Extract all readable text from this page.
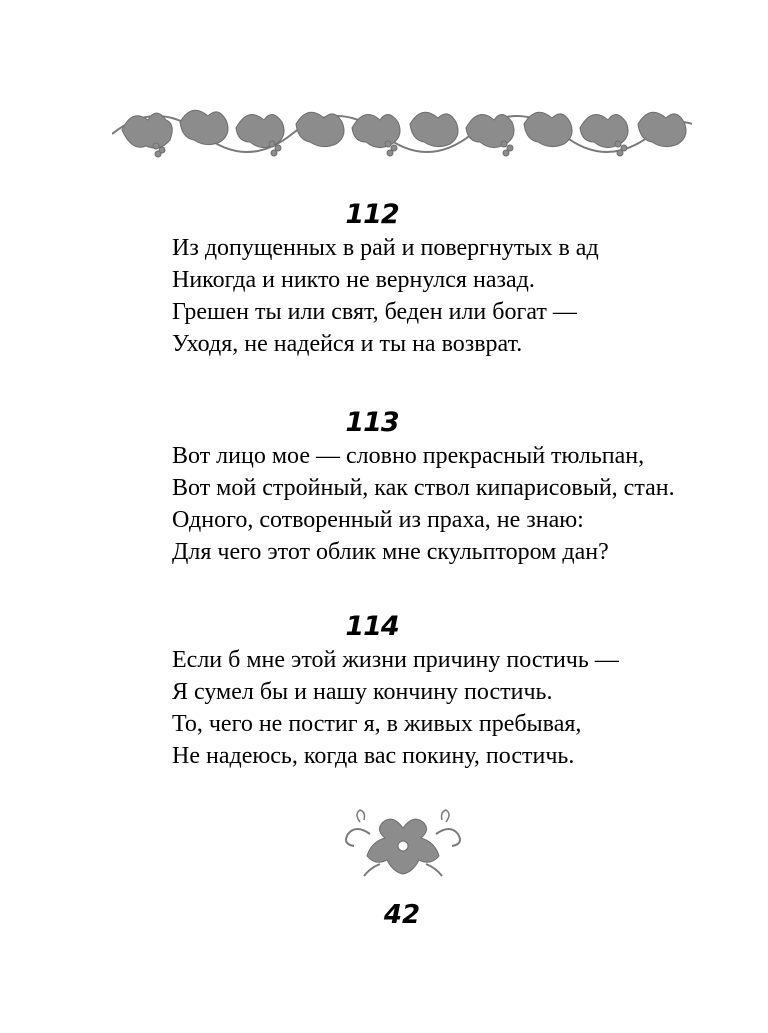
112
Из допущенных в рай и повергнутых в ад
Никогда и никто не вернулся назад.
Грешен ты или свят, беден или богат —
Уходя, не надейся и ты на возврат.
113
Вот лицо мое — словно прекрасный тюльпан,
Вот мой стройный, как ствол кипарисовый, стан.
Одного, сотворенный из праха, не знаю:
Для чего этот облик мне скульптором дан?
114
Если б мне этой жизни причину постичь —
Я сумел бы и нашу кончину постичь.
То, чего не постиг я, в живых пребывая,
Не надеюсь, когда вас покину, постичь.
42
